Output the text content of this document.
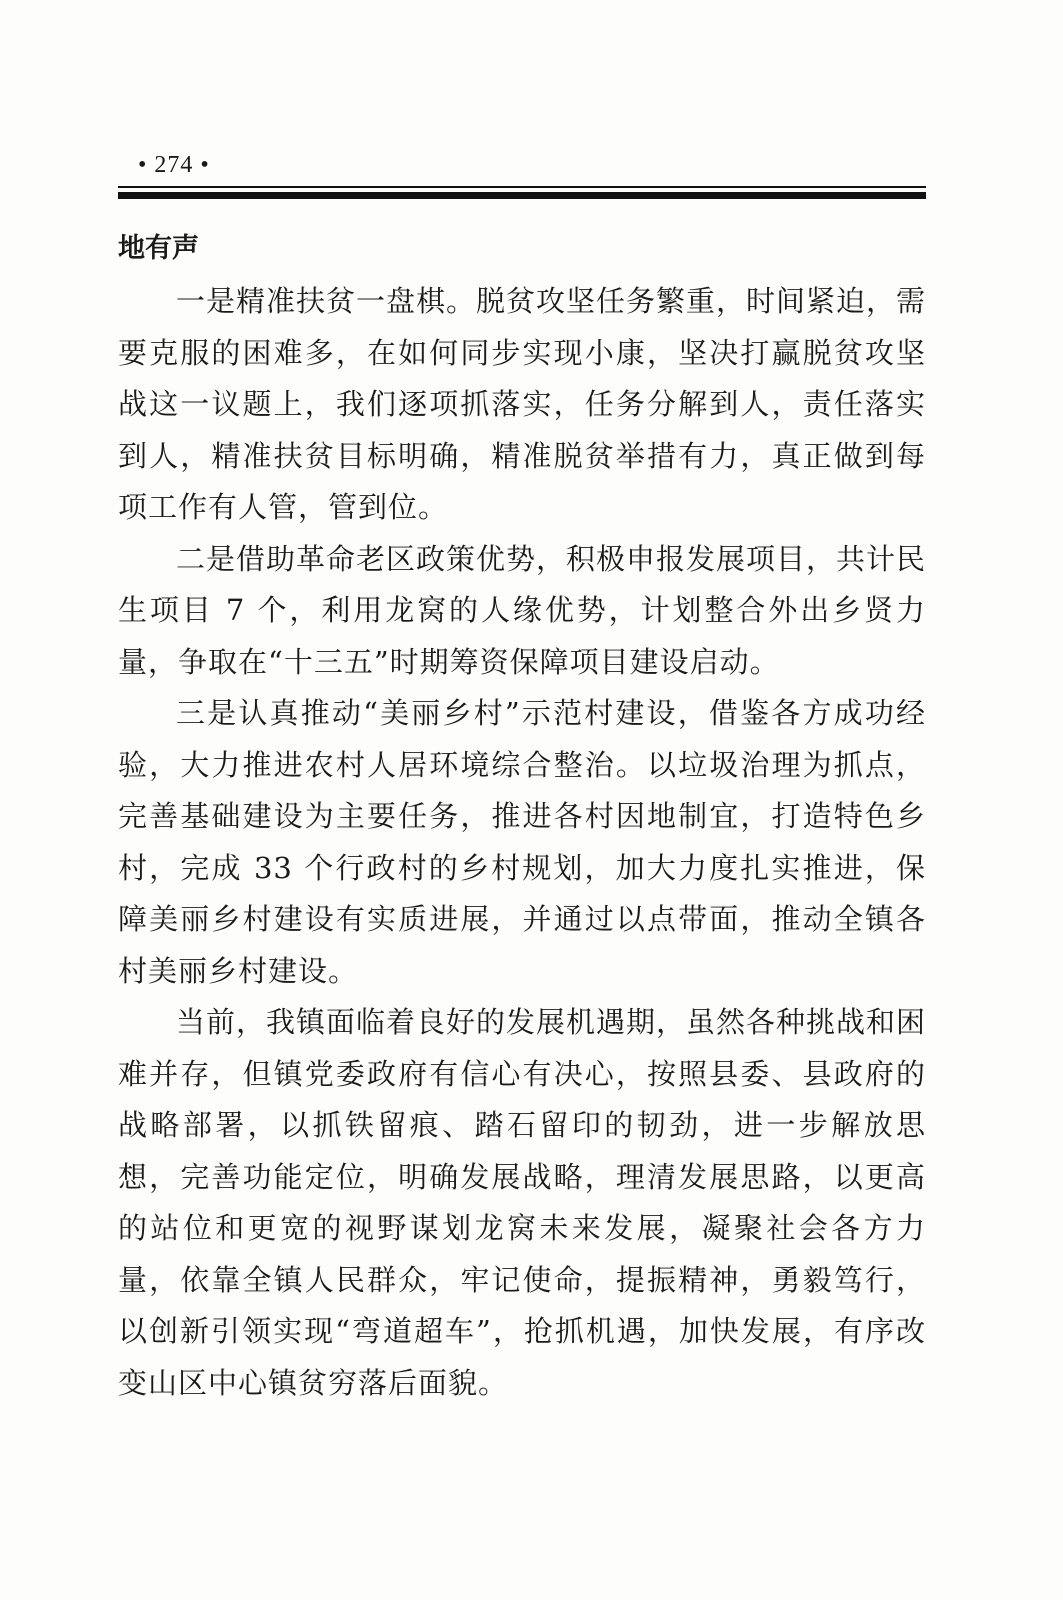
• 274 •

地有声

一是精准扶贫一盘棋。脱贫攻坚任务繁重，时间紧迫，需要克服的困难多，在如何同步实现小康，坚决打赢脱贫攻坚战这一议题上，我们逐项抓落实，任务分解到人，责任落实到人，精准扶贫目标明确，精准脱贫举措有力，真正做到每项工作有人管，管到位。

二是借助革命老区政策优势，积极申报发展项目，共计民生项目 7 个，利用龙窝的人缘优势，计划整合外出乡贤力量，争取在“十三五”时期筹资保障项目建设启动。

三是认真推动“美丽乡村”示范村建设，借鉴各方成功经验，大力推进农村人居环境综合整治。以垃圾治理为抓点，完善基础建设为主要任务，推进各村因地制宜，打造特色乡村，完成 33 个行政村的乡村规划，加大力度扎实推进，保障美丽乡村建设有实质进展，并通过以点带面，推动全镇各村美丽乡村建设。

当前，我镇面临着良好的发展机遇期，虽然各种挑战和困难并存，但镇党委政府有信心有决心，按照县委、县政府的战略部署，以抓铁留痕、踏石留印的韧劲，进一步解放思想，完善功能定位，明确发展战略，理清发展思路，以更高的站位和更宽的视野谋划龙窝未来发展，凝聚社会各方力量，依靠全镇人民群众，牢记使命，提振精神，勇毅笃行，以创新引领实现“弯道超车”，抢抓机遇，加快发展，有序改变山区中心镇贫穷落后面貌。
